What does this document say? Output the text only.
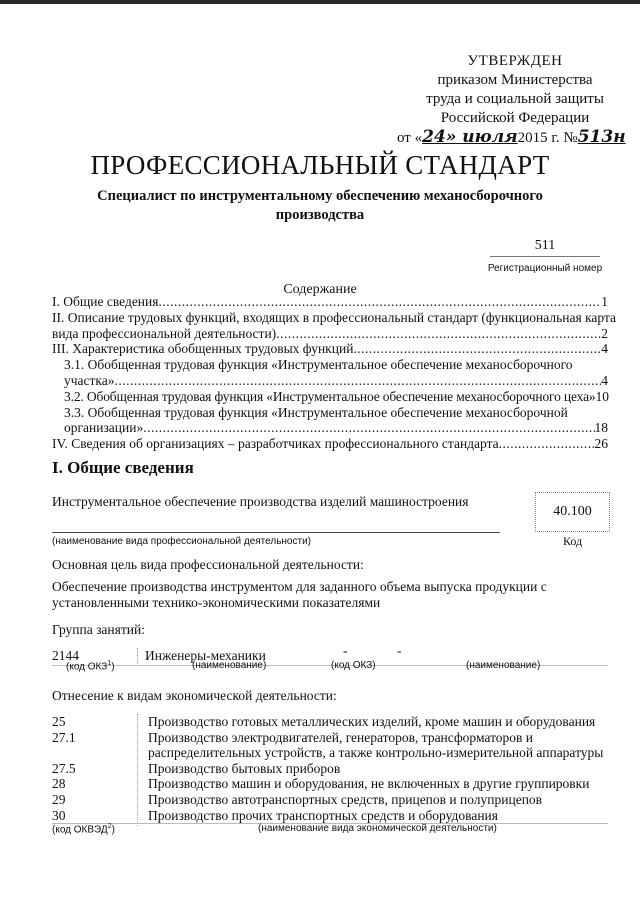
УТВЕРЖДЕН
приказом Министерства
труда и социальной защиты
Российской Федерации
от «24» июля2015 г. №513н
ПРОФЕССИОНАЛЬНЫЙ СТАНДАРТ
Специалист по инструментальному обеспечению механосборочного производства
511
Регистрационный номер
Содержание
I. Общие сведения .....	1
II. Описание трудовых функций, входящих в профессиональный стандарт (функциональная карта
вида профессиональной деятельности) .....	2
III. Характеристика обобщенных трудовых функций .....	4
3.1. Обобщенная трудовая функция «Инструментальное обеспечение механосборочного
участка» .....	4
3.2. Обобщенная трудовая функция «Инструментальное обеспечение механосборочного цеха» 10
3.3. Обобщенная трудовая функция «Инструментальное обеспечение механосборочной
организации» .....	18
IV. Сведения об организациях – разработчиках профессионального стандарта .....	26
I. Общие сведения
Инструментальное обеспечение производства изделий машиностроения
(наименование вида профессиональной деятельности)
40.100
Код
Основная цель вида профессиональной деятельности:
Обеспечение производства инструментом для заданного объема выпуска продукции с
установленными технико-экономическими показателями
Группа занятий:
2144	Инженеры-механики	-	-
(код ОКЗ$^1$)	(наименование)	(код ОКЗ)	(наименование)
Отнесение к видам экономической деятельности:
25	Производство готовых металлических изделий, кроме машин и оборудования
27.1	Производство электродвигателей, генераторов, трансформаторов и
распределительных устройств, а также контрольно-измерительной аппаратуры
27.5	Производство бытовых приборов
28	Производство машин и оборудования, не включенных в другие группировки
29	Производство автотранспортных средств, прицепов и полуприцепов
30	Производство прочих транспортных средств и оборудования
(код ОКВЭД$^2$)	(наименование вида экономической деятельности)
